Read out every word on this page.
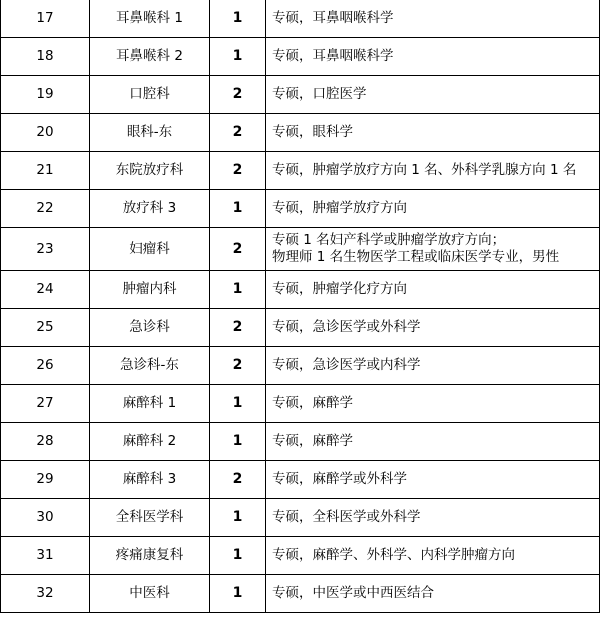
17	耳鼻喉科 1	1	专硕，耳鼻咽喉科学

18	耳鼻喉科 2	1	专硕，耳鼻咽喉科学

19	口腔科	2	专硕，口腔医学

20	眼科-东	2	专硕，眼科学

21	东院放疗科	2	专硕，肿瘤学放疗方向 1 名、外科学乳腺方向 1 名

22	放疗科 3	1	专硕，肿瘤学放疗方向

23	妇瘤科	2	专硕 1 名妇产科学或肿瘤学放疗方向；
物理师 1 名生物医学工程或临床医学专业，男性

24	肿瘤内科	1	专硕，肿瘤学化疗方向

25	急诊科	2	专硕，急诊医学或外科学

26	急诊科-东	2	专硕，急诊医学或内科学

27	麻醉科 1	1	专硕，麻醉学

28	麻醉科 2	1	专硕，麻醉学

29	麻醉科 3	2	专硕，麻醉学或外科学

30	全科医学科	1	专硕，全科医学或外科学

31	疼痛康复科	1	专硕，麻醉学、外科学、内科学肿瘤方向

32	中医科	1	专硕，中医学或中西医结合
